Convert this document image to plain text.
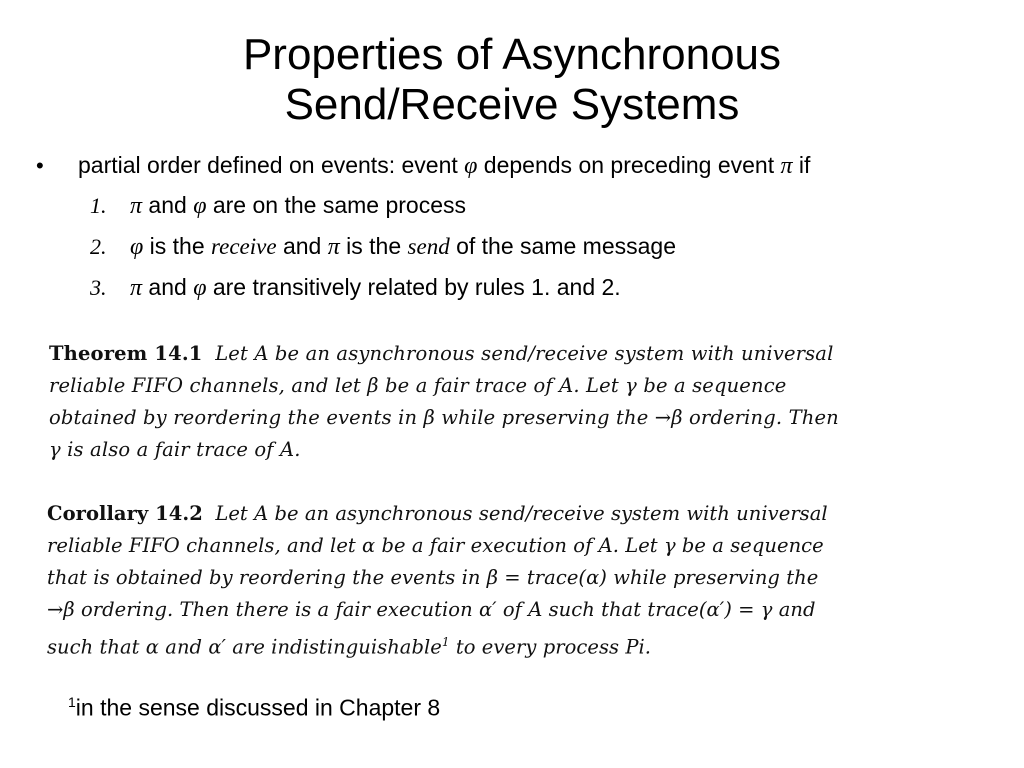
Properties of Asynchronous
Send/Receive Systems
•	partial order defined on events: event φ depends on preceding event π if
1. π and φ are on the same process
2. φ is the receive and π is the send of the same message
3. π and φ are transitively related by rules 1. and 2.
Theorem 14.1 Let A be an asynchronous send/receive system with universal
reliable FIFO channels, and let β be a fair trace of A. Let γ be a sequence
obtained by reordering the events in β while preserving the →β ordering. Then
γ is also a fair trace of A.
Corollary 14.2 Let A be an asynchronous send/receive system with universal
reliable FIFO channels, and let α be a fair execution of A. Let γ be a sequence
that is obtained by reordering the events in β = trace(α) while preserving the
→β ordering. Then there is a fair execution α′ of A such that trace(α′) = γ and
such that α and α′ are indistinguishable$^1$ to every process Pi.
$^1$in the sense discussed in Chapter 8
